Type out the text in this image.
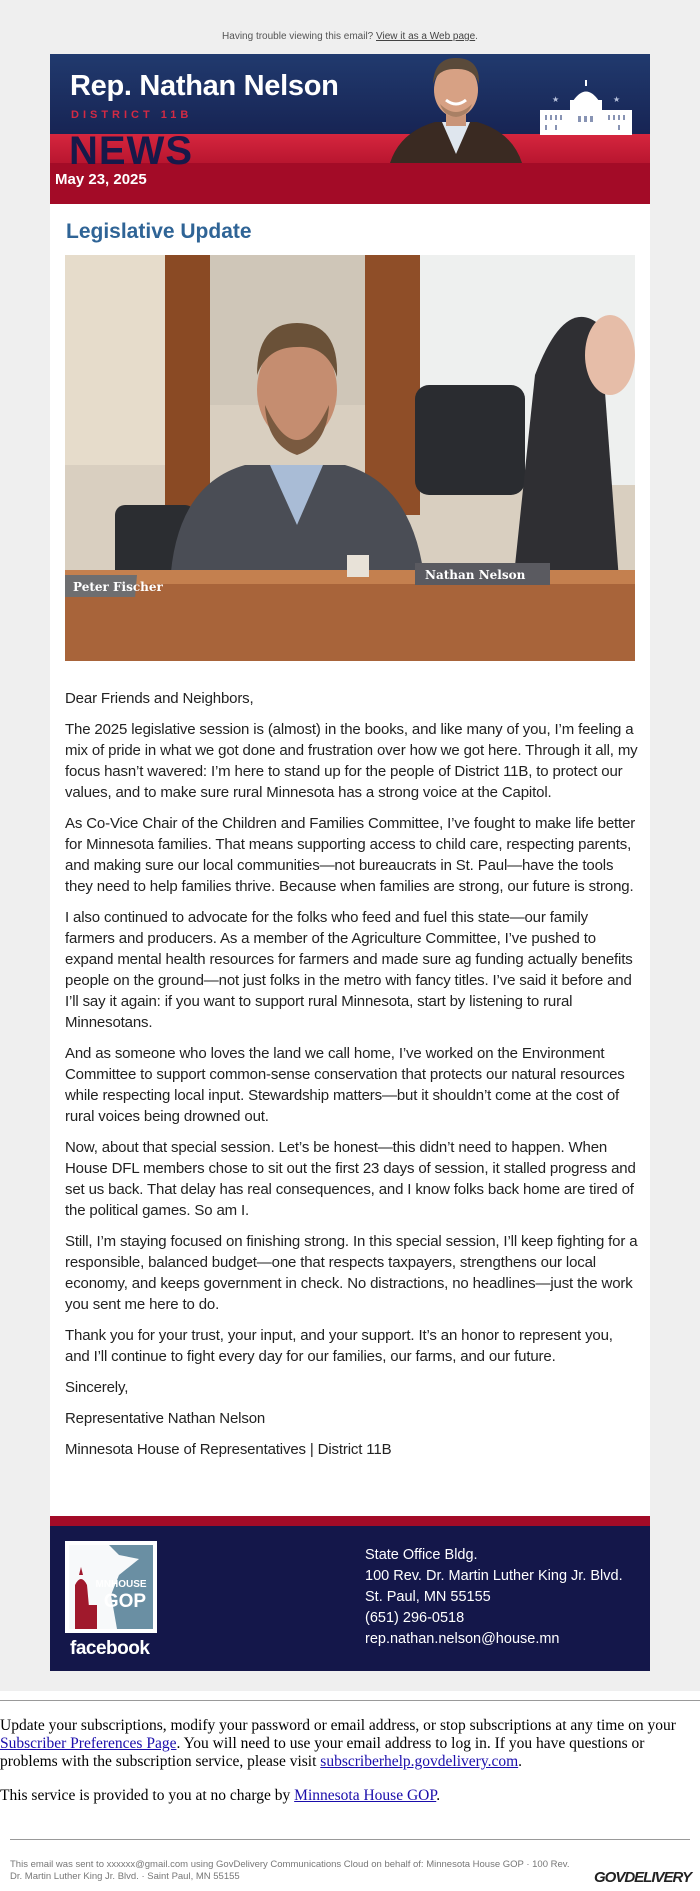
Having trouble viewing this email? View it as a Web page.
Rep. Nathan Nelson
DISTRICT 11B
NEWS
★	★
May 23, 2025
Legislative Update
Peter Fischer
Nathan Nelson

Dear Friends and Neighbors,

The 2025 legislative session is (almost) in the books, and like many of you, I’m feeling a mix of pride in what we got done and frustration over how we got here. Through it all, my focus hasn’t wavered: I’m here to stand up for the people of District 11B, to protect our values, and to make sure rural Minnesota has a strong voice at the Capitol.

As Co-Vice Chair of the Children and Families Committee, I’ve fought to make life better for Minnesota families. That means supporting access to child care, respecting parents, and making sure our local communities—not bureaucrats in St. Paul—have the tools they need to help families thrive. Because when families are strong, our future is strong.

I also continued to advocate for the folks who feed and fuel this state—our family farmers and producers. As a member of the Agriculture Committee, I’ve pushed to expand mental health resources for farmers and made sure ag funding actually benefits people on the ground—not just folks in the metro with fancy titles. I’ve said it before and I’ll say it again: if you want to support rural Minnesota, start by listening to rural Minnesotans.

And as someone who loves the land we call home, I’ve worked on the Environment Committee to support common-sense conservation that protects our natural resources while respecting local input. Stewardship matters—but it shouldn’t come at the cost of rural voices being drowned out.

Now, about that special session. Let’s be honest—this didn’t need to happen. When House DFL members chose to sit out the first 23 days of session, it stalled progress and set us back. That delay has real consequences, and I know folks back home are tired of the political games. So am I.

Still, I’m staying focused on finishing strong. In this special session, I’ll keep fighting for a responsible, balanced budget—one that respects taxpayers, strengthens our local economy, and keeps government in check. No distractions, no headlines—just the work you sent me here to do.

Thank you for your trust, your input, and your support. It’s an honor to represent you, and I’ll continue to fight every day for our families, our farms, and our future.

Sincerely,

Representative Nathan Nelson

Minnesota House of Representatives | District 11B

MNHOUSE
GOP
facebook
State Office Bldg.
100 Rev. Dr. Martin Luther King Jr. Blvd.
St. Paul, MN 55155
(651) 296-0518
rep.nathan.nelson@house.mn

Update your subscriptions, modify your password or email address, or stop subscriptions at any time on your Subscriber Preferences Page. You will need to use your email address to log in. If you have questions or problems with the subscription service, please visit subscriberhelp.govdelivery.com.

This service is provided to you at no charge by Minnesota House GOP.

This email was sent to xxxxxx@gmail.com using GovDelivery Communications Cloud on behalf of: Minnesota House GOP · 100 Rev. Dr. Martin Luther King Jr. Blvd. · Saint Paul, MN 55155	GOVDELIVERY
